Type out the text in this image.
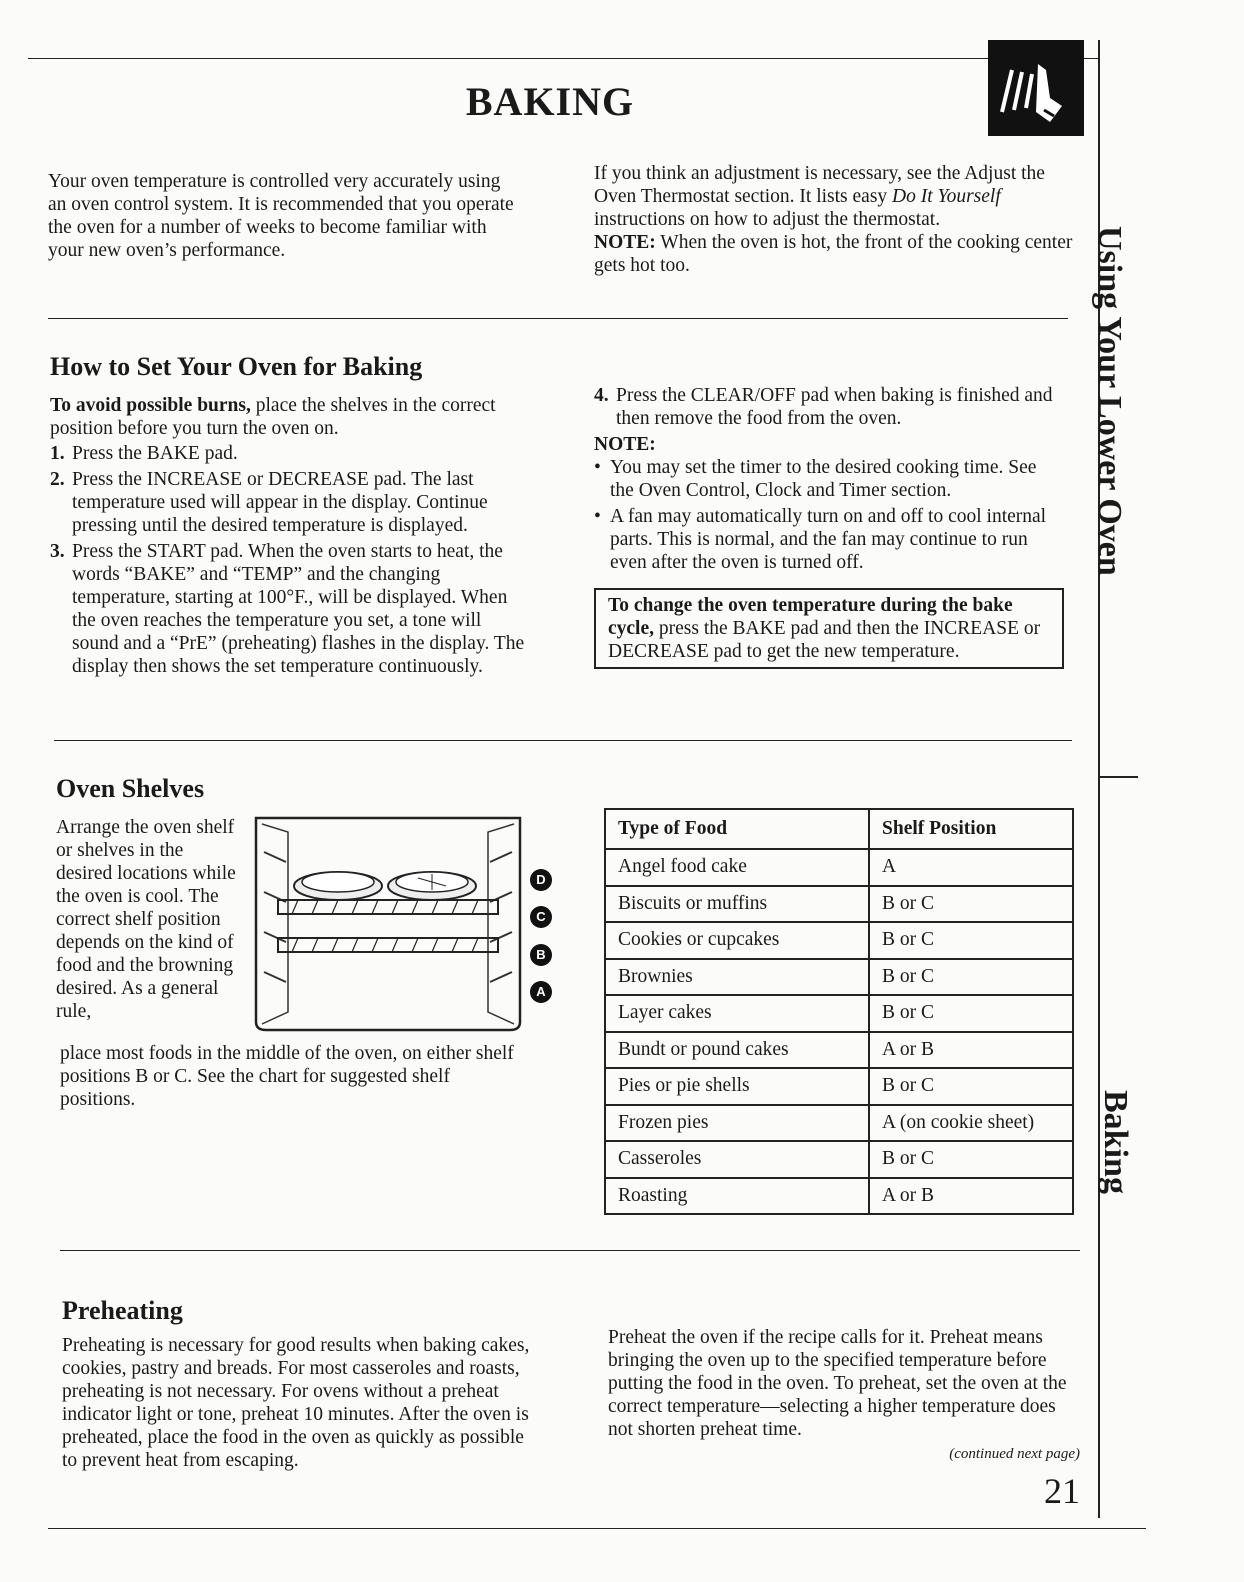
Using Your Lower Oven
Baking
BAKING

Your oven temperature is controlled very accurately using an oven control system. It is recommended that you operate the oven for a number of weeks to become familiar with your new oven’s performance.

If you think an adjustment is necessary, see the Adjust the Oven Thermostat section. It lists easy Do It Yourself instructions on how to adjust the thermostat.
NOTE: When the oven is hot, the front of the cooking center gets hot too.
How to Set Your Oven for Baking

To avoid possible burns, place the shelves in the correct position before you turn the oven on.

1. Press the BAKE pad.
2. Press the INCREASE or DECREASE pad. The last temperature used will appear in the display. Continue pressing until the desired temperature is displayed.
3. Press the START pad. When the oven starts to heat, the words “BAKE” and “TEMP” and the changing temperature, starting at 100°F., will be displayed. When the oven reaches the temperature you set, a tone will sound and a “PrE” (preheating) flashes in the display. The display then shows the set temperature continuously.
4. Press the CLEAR/OFF pad when baking is finished and then remove the food from the oven.

NOTE:

• You may set the timer to the desired cooking time. See the Oven Control, Clock and Timer section.
• A fan may automatically turn on and off to cool internal parts. This is normal, and the fan may continue to run even after the oven is turned off.
To change the oven temperature during the bake cycle, press the BAKE pad and then the INCREASE or DECREASE pad to get the new temperature.
Oven Shelves

Arrange the oven shelf or shelves in the desired locations while the oven is cool. The correct shelf position depends on the kind of food and the browning desired. As a general rule,

place most foods in the middle of the oven, on either shelf positions B or C. See the chart for suggested shelf positions.

D
C
B
A
Type of Food	Shelf Position
Angel food cake	A
Biscuits or muffins	B or C
Cookies or cupcakes	B or C
Brownies	B or C
Layer cakes	B or C
Bundt or pound cakes	A or B
Pies or pie shells	B or C
Frozen pies	A (on cookie sheet)
Casseroles	B or C
Roasting	A or B
Preheating

Preheating is necessary for good results when baking cakes, cookies, pastry and breads. For most casseroles and roasts, preheating is not necessary. For ovens without a preheat indicator light or tone, preheat 10 minutes. After the oven is preheated, place the food in the oven as quickly as possible to prevent heat from escaping.

Preheat the oven if the recipe calls for it. Preheat means bringing the oven up to the specified temperature before putting the food in the oven. To preheat, set the oven at the correct temperature—selecting a higher temperature does not shorten preheat time.

(continued next page)
21
